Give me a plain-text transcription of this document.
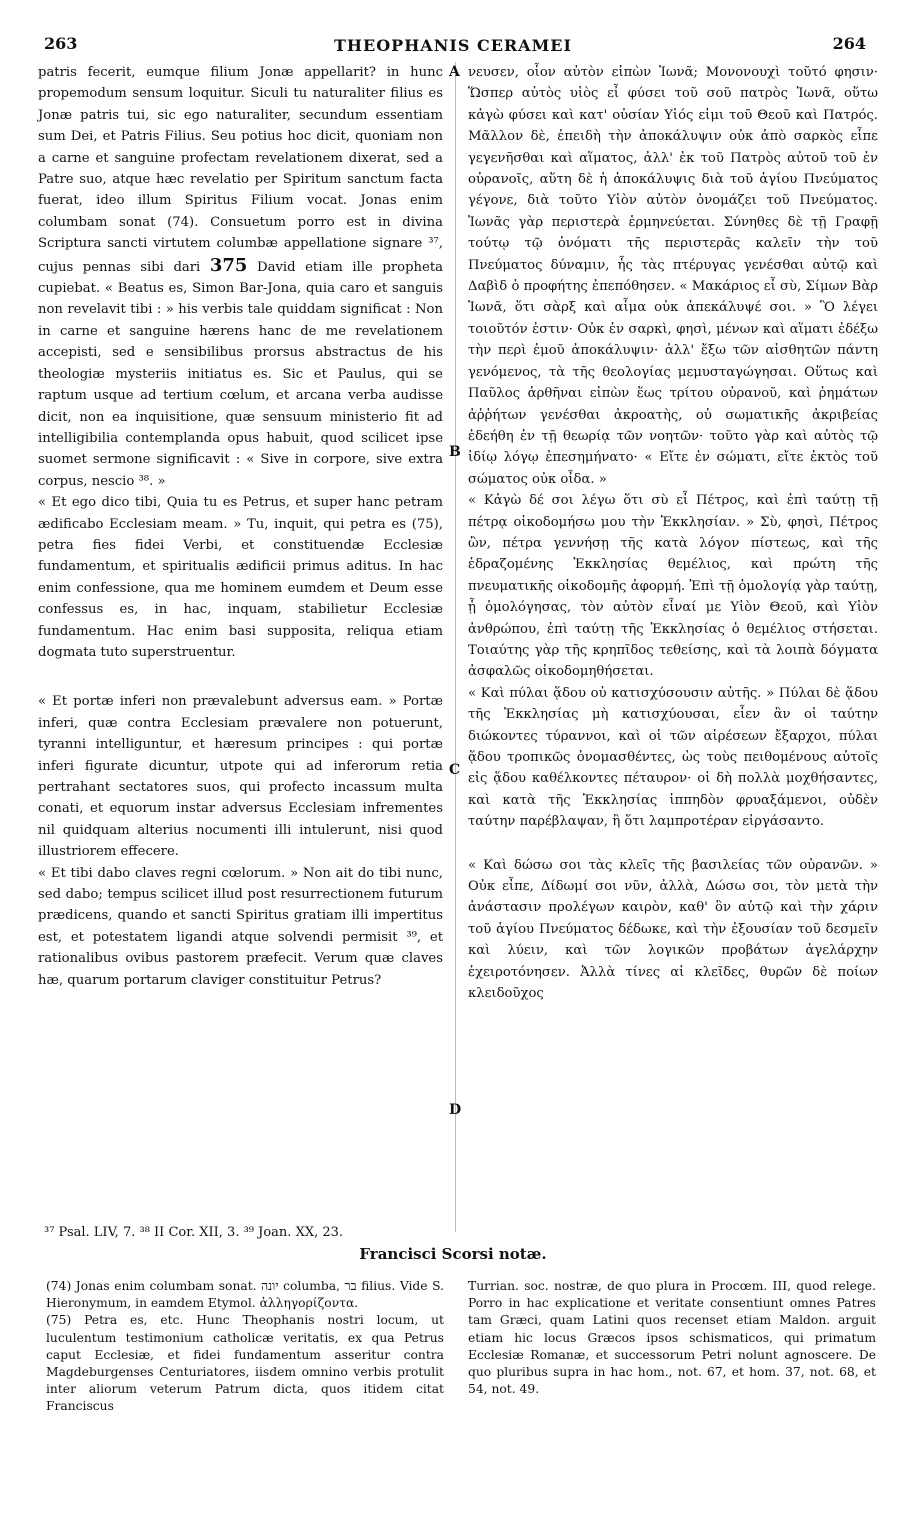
263	THEOPHANIS CERAMEI	264

patris fecerit, eumque filium Jonæ appellarit? in hunc propemodum sensum loquitur. Siculi tu naturaliter filius es Jonæ patris tui, sic ego naturaliter, secundum essentiam sum Dei, et Patris Filius. Seu potius hoc dicit, quoniam non a carne et sanguine profectam revelationem dixerat, sed a Patre suo, atque hæc revelatio per Spiritum sanctum facta fuerat, ideo illum Spiritus Filium vocat. Jonas enim columbam sonat (74). Consuetum porro est in divina Scriptura sancti virtutem columbæ appellatione signare ³⁷, cujus pennas sibi dari 375 David etiam ille propheta cupiebat. « Beatus es, Simon Bar-Jona, quia caro et sanguis non revelavit tibi : » his verbis tale quiddam significat : Non in carne et sanguine hærens hanc de me revelationem accepisti, sed e sensibilibus prorsus abstractus de his theologiæ mysteriis initiatus es. Sic et Paulus, qui se raptum usque ad tertium cœlum, et arcana verba audisse dicit, non ea inquisitione, quæ sensuum ministerio fit ad intelligibilia contemplanda opus habuit, quod scilicet ipse suomet sermone significavit : « Sive in corpore, sive extra corpus, nescio ³⁸. »

« Et ego dico tibi, Quia tu es Petrus, et super hanc petram ædificabo Ecclesiam meam. » Tu, inquit, qui petra es (75), petra fies fidei Verbi, et constituendæ Ecclesiæ fundamentum, et spiritualis ædificii primus aditus. In hac enim confessione, qua me hominem eumdem et Deum esse confessus es, in hac, inquam, stabilietur Ecclesiæ fundamentum. Hac enim basi supposita, reliqua etiam dogmata tuto superstruentur.

« Et portæ inferi non prævalebunt adversus eam. » Portæ inferi, quæ contra Ecclesiam prævalere non potuerunt, tyranni intelliguntur, et hæresum principes : qui portæ inferi figurate dicuntur, utpote qui ad inferorum retia pertrahant sectatores suos, qui profecto incassum multa conati, et equorum instar adversus Ecclesiam infrementes nil quidquam alterius nocumenti illi intulerunt, nisi quod illustriorem effecere.

« Et tibi dabo claves regni cœlorum. » Non ait do tibi nunc, sed dabo; tempus scilicet illud post resurrectionem futurum prædicens, quando et sancti Spiritus gratiam illi impertitus est, et potestatem ligandi atque solvendi permisit ³⁹, et rationalibus ovibus pastorem præfecit. Verum quæ claves hæ, quarum portarum claviger constituitur Petrus?

νευσεν, οἷον αὐτὸν εἰπὼν Ἰωνᾶ; Μονονουχὶ τοῦτό φησιν· Ὥσπερ αὐτὸς υἱὸς εἶ φύσει τοῦ σοῦ πατρὸς Ἰωνᾶ, οὕτω κἀγὼ φύσει καὶ κατ' οὐσίαν Υἱός εἰμι τοῦ Θεοῦ καὶ Πατρός. Μᾶλλον δὲ, ἐπειδὴ τὴν ἀποκάλυψιν οὐκ ἀπὸ σαρκὸς εἶπε γεγενῆσθαι καὶ αἵματος, ἀλλ' ἐκ τοῦ Πατρὸς αὐτοῦ τοῦ ἐν οὐρανοῖς, αὕτη δὲ ἡ ἀποκάλυψις διὰ τοῦ ἁγίου Πνεύματος γέγονε, διὰ τοῦτο Υἱὸν αὐτὸν ὀνομάζει τοῦ Πνεύματος. Ἰωνᾶς γὰρ περιστερὰ ἑρμηνεύεται. Σύνηθες δὲ τῇ Γραφῇ τούτῳ τῷ ὀνόματι τῆς περιστερᾶς καλεῖν τὴν τοῦ Πνεύματος δύναμιν, ἧς τὰς πτέρυγας γενέσθαι αὐτῷ καὶ Δαβὶδ ὁ προφήτης ἐπεπόθησεν. « Μακάριος εἶ σὺ, Σίμων Βὰρ Ἰωνᾶ, ὅτι σὰρξ καὶ αἷμα οὐκ ἀπεκάλυψέ σοι. » Ὃ λέγει τοιοῦτόν ἐστιν· Οὐκ ἐν σαρκὶ, φησὶ, μένων καὶ αἵματι ἐδέξω τὴν περὶ ἐμοῦ ἀποκάλυψιν· ἀλλ' ἔξω τῶν αἰσθητῶν πάντη γενόμενος, τὰ τῆς θεολογίας μεμυσταγώγησαι. Οὕτως καὶ Παῦλος ἀρθῆναι εἰπὼν ἕως τρίτου οὐρανοῦ, καὶ ῥημάτων ἀῤῥήτων γενέσθαι ἀκροατὴς, οὐ σωματικῆς ἀκριβείας ἐδεήθη ἐν τῇ θεωρίᾳ τῶν νοητῶν· τοῦτο γὰρ καὶ αὐτὸς τῷ ἰδίῳ λόγῳ ἐπεσημήνατο· « Εἴτε ἐν σώματι, εἴτε ἐκτὸς τοῦ σώματος οὐκ οἶδα. »

« Κἀγὼ δέ σοι λέγω ὅτι σὺ εἶ Πέτρος, καὶ ἐπὶ ταύτῃ τῇ πέτρᾳ οἰκοδομήσω μου τὴν Ἐκκλησίαν. » Σὺ, φησὶ, Πέτρος ὢν, πέτρα γεννήσῃ τῆς κατὰ λόγον πίστεως, καὶ τῆς ἑδραζομένης Ἐκκλησίας θεμέλιος, καὶ πρώτη τῆς πνευματικῆς οἰκοδομῆς ἀφορμή. Ἐπὶ τῇ ὁμολογίᾳ γὰρ ταύτῃ, ᾗ ὁμολόγησας, τὸν αὐτὸν εἶναί με Υἱὸν Θεοῦ, καὶ Υἱὸν ἀνθρώπου, ἐπὶ ταύτῃ τῆς Ἐκκλησίας ὁ θεμέλιος στήσεται. Τοιαύτης γὰρ τῆς κρηπῖδος τεθείσης, καὶ τὰ λοιπὰ δόγματα ἀσφαλῶς οἰκοδομηθήσεται.

« Καὶ πύλαι ᾅδου οὐ κατισχύσουσιν αὐτῆς. » Πύλαι δὲ ᾅδου τῆς Ἐκκλησίας μὴ κατισχύουσαι, εἶεν ἂν οἱ ταύτην διώκοντες τύραννοι, καὶ οἱ τῶν αἱρέσεων ἔξαρχοι, πύλαι ᾅδου τροπικῶς ὀνομασθέντες, ὡς τοὺς πειθομένους αὐτοῖς εἰς ᾅδου καθέλκοντες πέταυρον· οἱ δὴ πολλὰ μοχθήσαντες, καὶ κατὰ τῆς Ἐκκλησίας ἱππηδὸν φρυαξάμενοι, οὐδὲν ταύτην παρέβλαψαν, ἢ ὅτι λαμπροτέραν εἰργάσαντο.

« Καὶ δώσω σοι τὰς κλεῖς τῆς βασιλείας τῶν οὐρανῶν. » Οὐκ εἶπε, Δίδωμί σοι νῦν, ἀλλὰ, Δώσω σοι, τὸν μετὰ τὴν ἀνάστασιν προλέγων καιρὸν, καθ' ὃν αὐτῷ καὶ τὴν χάριν τοῦ ἁγίου Πνεύματος δέδωκε, καὶ τὴν ἐξουσίαν τοῦ δεσμεῖν καὶ λύειν, καὶ τῶν λογικῶν προβάτων ἀγελάρχην ἐχειροτόνησεν. Ἀλλὰ τίνες αἱ κλεῖδες, θυρῶν δὲ ποίων κλειδοῦχος

A
B
C
D
³⁷ Psal. LIV, 7. ³⁸ II Cor. XII, 3. ³⁹ Joan. XX, 23.
Francisci Scorsi notæ.

(74) Jonas enim columbam sonat. יונה columba, בר filius. Vide S. Hieronymum, in eamdem Etymol. ἀλληγορίζοντα.

(75) Petra es, etc. Hunc Theophanis nostri locum, ut luculentum testimonium catholicæ veritatis, ex qua Petrus caput Ecclesiæ, et fidei fundamentum asseritur contra Magdeburgenses Centuriatores, iisdem omnino verbis protulit inter aliorum veterum Patrum dicta, quos itidem citat Franciscus

Turrian. soc. nostræ, de quo plura in Procœm. III, quod relege. Porro in hac explicatione et veritate consentiunt omnes Patres tam Græci, quam Latini quos recenset etiam Maldon. arguit etiam hic locus Græcos ipsos schismaticos, qui primatum Ecclesiæ Romanæ, et successorum Petri nolunt agnoscere. De quo pluribus supra in hac hom., not. 67, et hom. 37, not. 68, et 54, not. 49.
